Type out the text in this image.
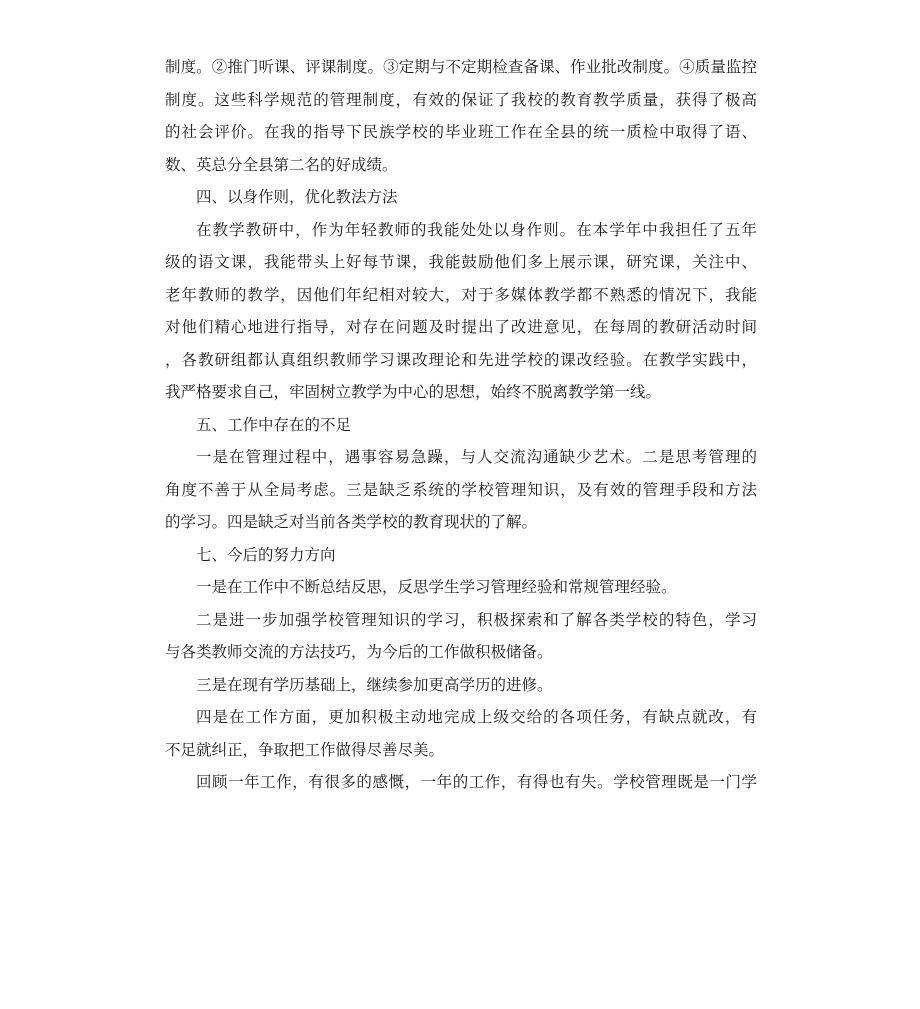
制度。②推门听课、评课制度。③定期与不定期检查备课、作业批改制度。④质量监控
制度。这些科学规范的管理制度，有效的保证了我校的教育教学质量，获得了极高
的社会评价。在我的指导下民族学校的毕业班工作在全县的统一质检中取得了语、
数、英总分全县第二名的好成绩。
四、以身作则，优化教法方法
在教学教研中，作为年轻教师的我能处处以身作则。在本学年中我担任了五年
级的语文课，我能带头上好每节课，我能鼓励他们多上展示课，研究课，关注中、
老年教师的教学，因他们年纪相对较大，对于多媒体教学都不熟悉的情况下，我能
对他们精心地进行指导，对存在问题及时提出了改进意见，在每周的教研活动时间
，各教研组都认真组织教师学习课改理论和先进学校的课改经验。在教学实践中，
我严格要求自己，牢固树立教学为中心的思想，始终不脱离教学第一线。
五、工作中存在的不足
一是在管理过程中，遇事容易急躁，与人交流沟通缺少艺术。二是思考管理的
角度不善于从全局考虑。三是缺乏系统的学校管理知识，及有效的管理手段和方法
的学习。四是缺乏对当前各类学校的教育现状的了解。
七、今后的努力方向
一是在工作中不断总结反思，反思学生学习管理经验和常规管理经验。
二是进一步加强学校管理知识的学习，积极探索和了解各类学校的特色，学习
与各类教师交流的方法技巧，为今后的工作做积极储备。
三是在现有学历基础上，继续参加更高学历的进修。
四是在工作方面，更加积极主动地完成上级交给的各项任务，有缺点就改，有
不足就纠正，争取把工作做得尽善尽美。
回顾一年工作，有很多的感慨，一年的工作，有得也有失。学校管理既是一门学
